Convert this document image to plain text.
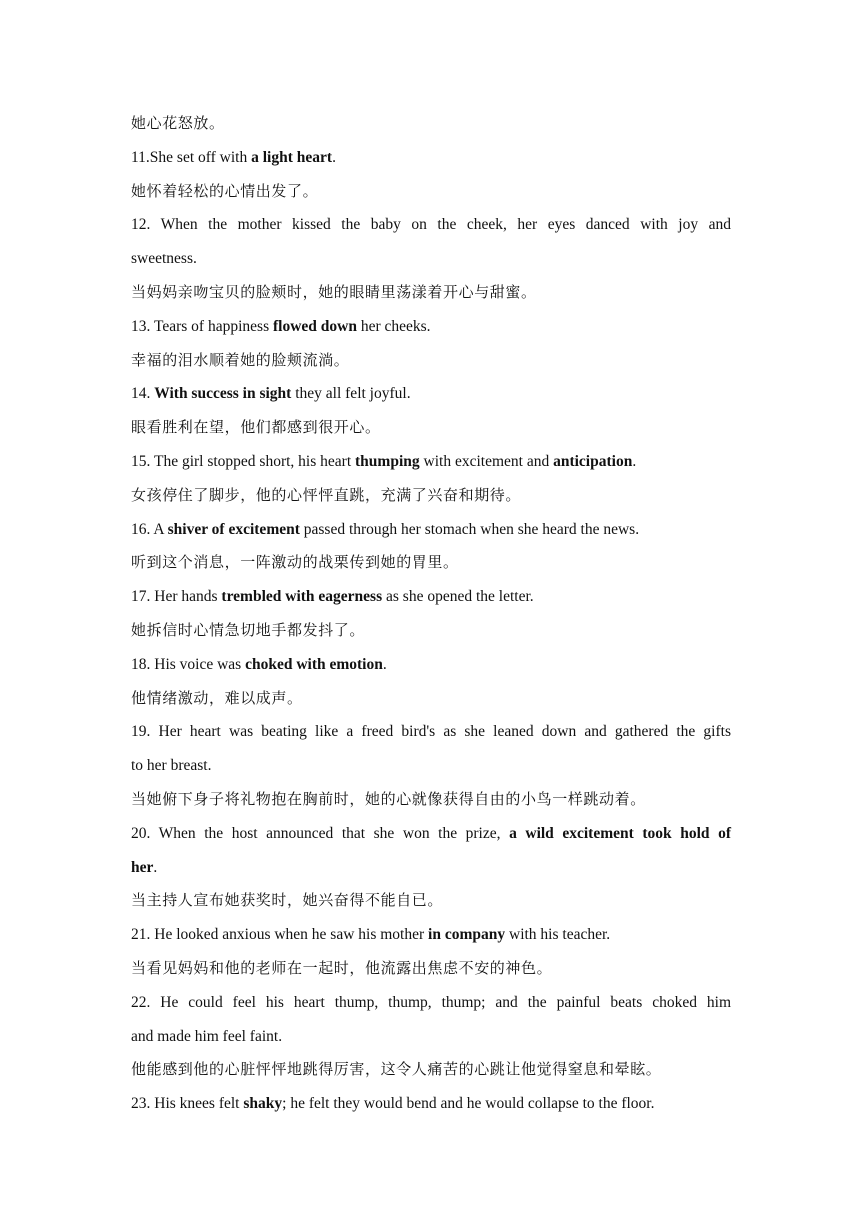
她心花怒放。
11.She set off with a light heart.
她怀着轻松的心情出发了。
12. When the mother kissed the baby on the cheek, her eyes danced with joy and
sweetness.
当妈妈亲吻宝贝的脸颊时，她的眼睛里荡漾着开心与甜蜜。
13. Tears of happiness flowed down her cheeks.
幸福的泪水顺着她的脸颊流淌。
14. With success in sight they all felt joyful.
眼看胜利在望，他们都感到很开心。
15. The girl stopped short, his heart thumping with excitement and anticipation.
女孩停住了脚步，他的心怦怦直跳，充满了兴奋和期待。
16. A shiver of excitement passed through her stomach when she heard the news.
听到这个消息，一阵激动的战栗传到她的胃里。
17. Her hands trembled with eagerness as she opened the letter.
她拆信时心情急切地手都发抖了。
18. His voice was choked with emotion.
他情绪激动，难以成声。
19. Her heart was beating like a freed bird's as she leaned down and gathered the gifts
to her breast.
当她俯下身子将礼物抱在胸前时，她的心就像获得自由的小鸟一样跳动着。
20. When the host announced that she won the prize, a wild excitement took hold of
her.
当主持人宣布她获奖时，她兴奋得不能自已。
21. He looked anxious when he saw his mother in company with his teacher.
当看见妈妈和他的老师在一起时，他流露出焦虑不安的神色。
22. He could feel his heart thump, thump, thump; and the painful beats choked him
and made him feel faint.
他能感到他的心脏怦怦地跳得厉害，这令人痛苦的心跳让他觉得窒息和晕眩。
23. His knees felt shaky; he felt they would bend and he would collapse to the floor.
